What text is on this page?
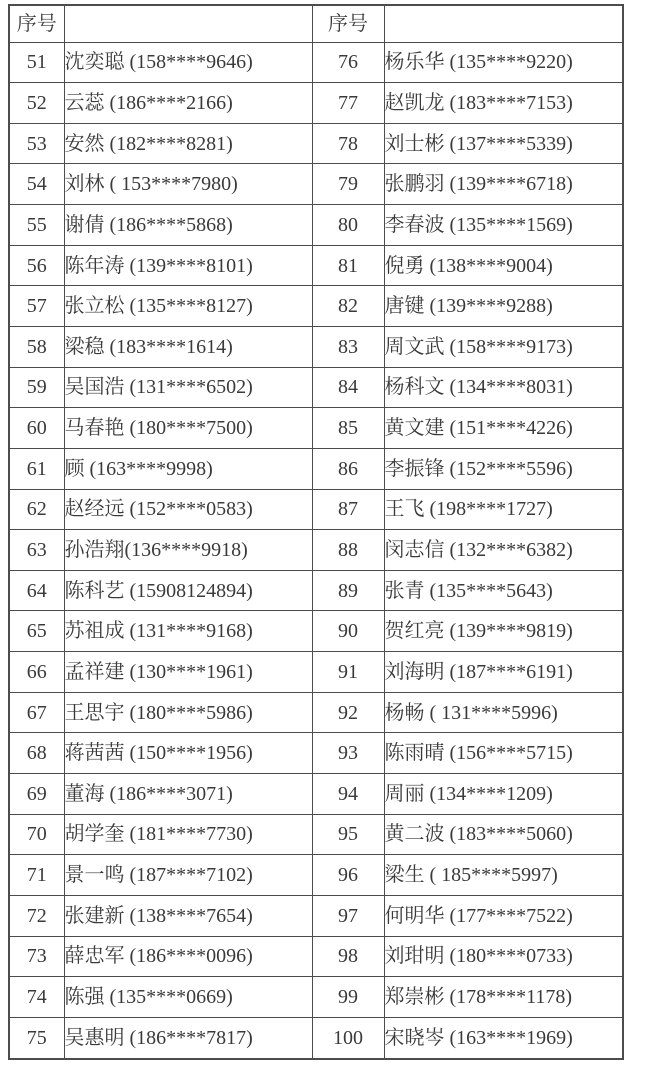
序号		序号	
51	沈奕聪 (158****9646)	76	杨乐华 (135****9220)
52	云蕊 (186****2166)	77	赵凯龙 (183****7153)
53	安然 (182****8281)	78	刘士彬 (137****5339)
54	刘林 ( 153****7980)	79	张鹏羽 (139****6718)
55	谢倩 (186****5868)	80	李春波 (135****1569)
56	陈年涛 (139****8101)	81	倪勇 (138****9004)
57	张立松 (135****8127)	82	唐键 (139****9288)
58	梁稳 (183****1614)	83	周文武 (158****9173)
59	吴国浩 (131****6502)	84	杨科文 (134****8031)
60	马春艳 (180****7500)	85	黄文建 (151****4226)
61	顾 (163****9998)	86	李振锋 (152****5596)
62	赵经远 (152****0583)	87	王飞 (198****1727)
63	孙浩翔(136****9918)	88	闵志信 (132****6382)
64	陈科艺 (15908124894)	89	张青 (135****5643)
65	苏祖成 (131****9168)	90	贺红亮 (139****9819)
66	孟祥建 (130****1961)	91	刘海明 (187****6191)
67	王思宇 (180****5986)	92	杨畅 ( 131****5996)
68	蒋茜茜 (150****1956)	93	陈雨晴 (156****5715)
69	董海 (186****3071)	94	周丽 (134****1209)
70	胡学奎 (181****7730)	95	黄二波 (183****5060)
71	景一鸣 (187****7102)	96	梁生 ( 185****5997)
72	张建新 (138****7654)	97	何明华 (177****7522)
73	薛忠军 (186****0096)	98	刘玵明 (180****0733)
74	陈强 (135****0669)	99	郑崇彬 (178****1178)
75	吴惠明 (186****7817)	100	宋晓岑 (163****1969)
